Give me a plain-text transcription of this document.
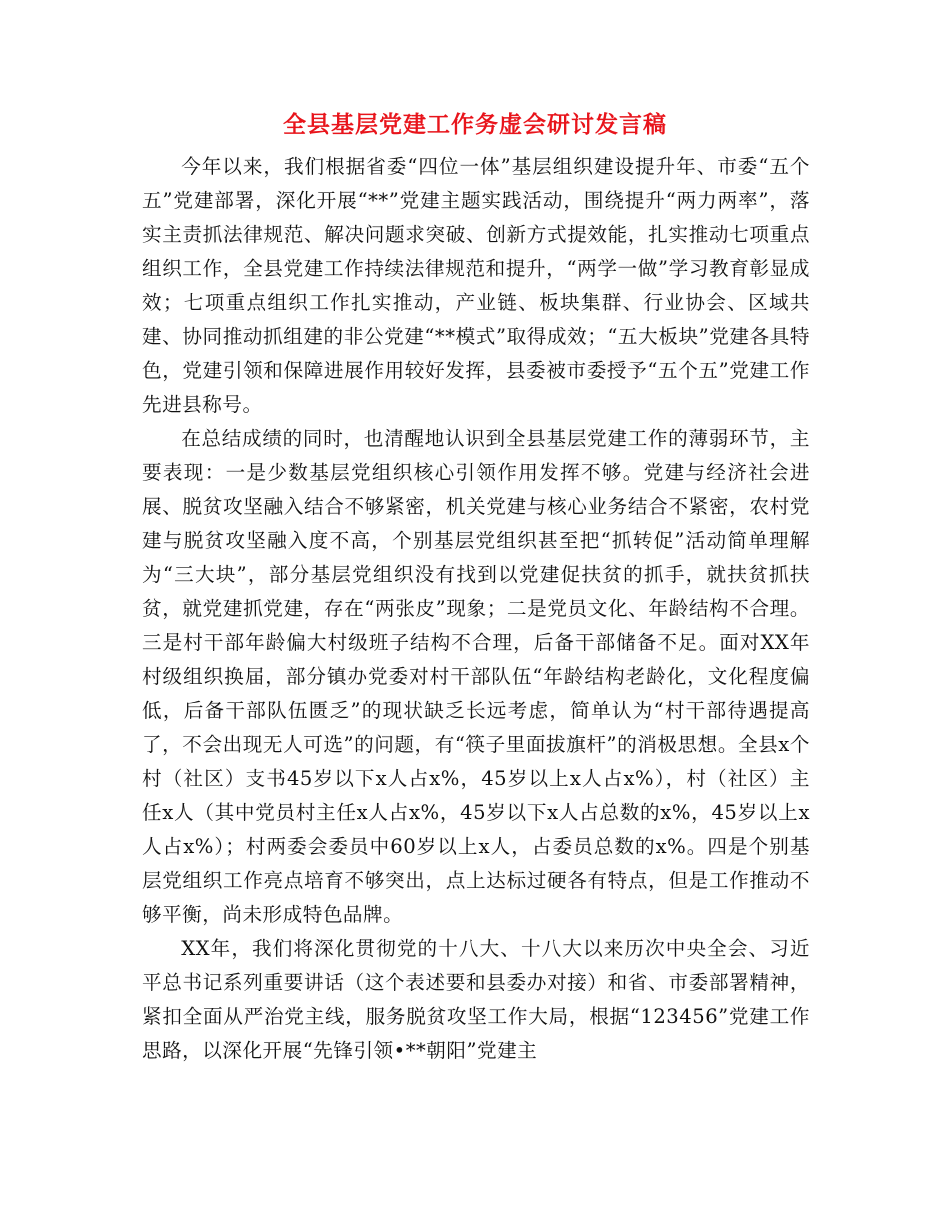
全县基层党建工作务虚会研讨发言稿

今年以来，我们根据省委“四位一体”基层组织建设提升年、市委“五个五”党建部署，深化开展“**”党建主题实践活动，围绕提升“两力两率”，落实主责抓法律规范、解决问题求突破、创新方式提效能，扎实推动七项重点组织工作，全县党建工作持续法律规范和提升，“两学一做”学习教育彰显成效；七项重点组织工作扎实推动，产业链、板块集群、行业协会、区域共建、协同推动抓组建的非公党建“**模式”取得成效；“五大板块”党建各具特色，党建引领和保障进展作用较好发挥，县委被市委授予“五个五”党建工作先进县称号。

在总结成绩的同时，也清醒地认识到全县基层党建工作的薄弱环节，主要表现：一是少数基层党组织核心引领作用发挥不够。党建与经济社会进展、脱贫攻坚融入结合不够紧密，机关党建与核心业务结合不紧密，农村党建与脱贫攻坚融入度不高，个别基层党组织甚至把“抓转促”活动简单理解为“三大块”，部分基层党组织没有找到以党建促扶贫的抓手，就扶贫抓扶贫，就党建抓党建，存在“两张皮”现象；二是党员文化、年龄结构不合理。三是村干部年龄偏大村级班子结构不合理，后备干部储备不足。面对XX年村级组织换届，部分镇办党委对村干部队伍“年龄结构老龄化，文化程度偏低，后备干部队伍匮乏”的现状缺乏长远考虑，简单认为“村干部待遇提高了，不会出现无人可选”的问题，有“筷子里面拔旗杆”的消极思想。全县x个村（社区）支书45岁以下x人占x%，45岁以上x人占x%），村（社区）主任x人（其中党员村主任x人占x%，45岁以下x人占总数的x%，45岁以上x人占x%）；村两委会委员中60岁以上x人，占委员总数的x%。四是个别基层党组织工作亮点培育不够突出，点上达标过硬各有特点，但是工作推动不够平衡，尚未形成特色品牌。

XX年，我们将深化贯彻党的十八大、十八大以来历次中央全会、习近平总书记系列重要讲话（这个表述要和县委办对接）和省、市委部署精神，紧扣全面从严治党主线，服务脱贫攻坚工作大局，根据“123456”党建工作思路，以深化开展“先锋引领•**朝阳”党建主
